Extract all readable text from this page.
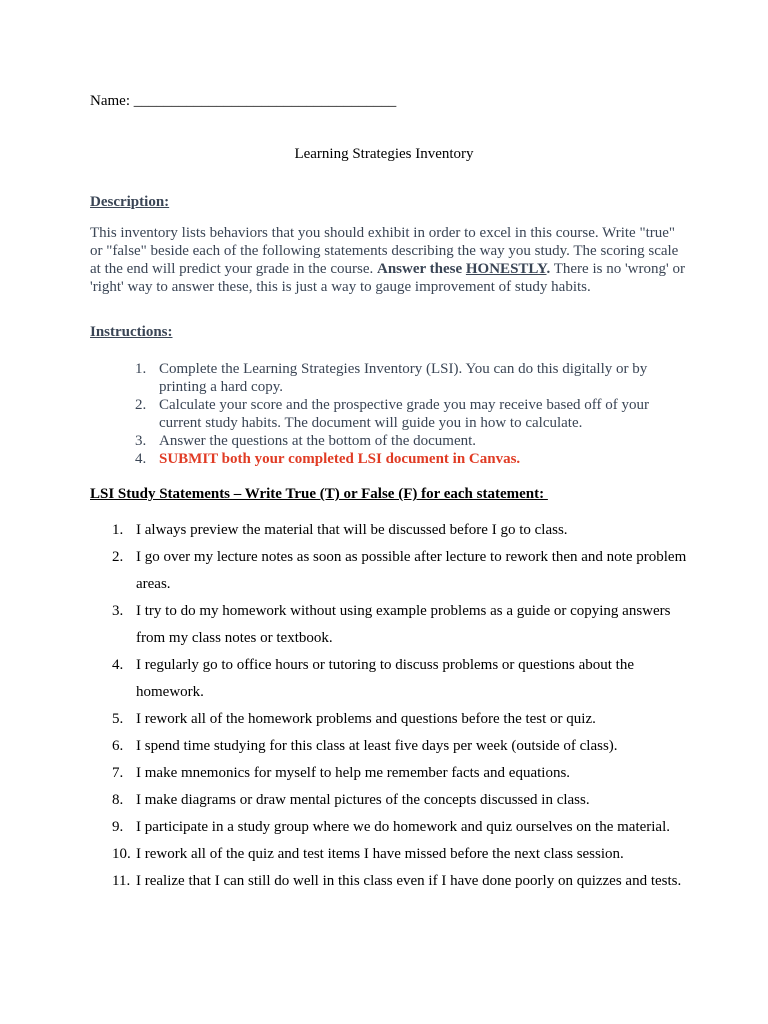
Name: ___________________________________
Learning Strategies Inventory
Description:
This inventory lists behaviors that you should exhibit in order to excel in this course. Write "true" or "false" beside each of the following statements describing the way you study. The scoring scale at the end will predict your grade in the course. Answer these HONESTLY. There is no 'wrong' or 'right' way to answer these, this is just a way to gauge improvement of study habits.
Instructions:
1. Complete the Learning Strategies Inventory (LSI). You can do this digitally or by printing a hard copy.
2. Calculate your score and the prospective grade you may receive based off of your current study habits. The document will guide you in how to calculate.
3. Answer the questions at the bottom of the document.
4. SUBMIT both your completed LSI document in Canvas.
LSI Study Statements – Write True (T) or False (F) for each statement:
1. I always preview the material that will be discussed before I go to class.
2. I go over my lecture notes as soon as possible after lecture to rework then and note problem areas.
3. I try to do my homework without using example problems as a guide or copying answers from my class notes or textbook.
4. I regularly go to office hours or tutoring to discuss problems or questions about the homework.
5. I rework all of the homework problems and questions before the test or quiz.
6. I spend time studying for this class at least five days per week (outside of class).
7. I make mnemonics for myself to help me remember facts and equations.
8. I make diagrams or draw mental pictures of the concepts discussed in class.
9. I participate in a study group where we do homework and quiz ourselves on the material.
10. I rework all of the quiz and test items I have missed before the next class session.
11. I realize that I can still do well in this class even if I have done poorly on quizzes and tests.
